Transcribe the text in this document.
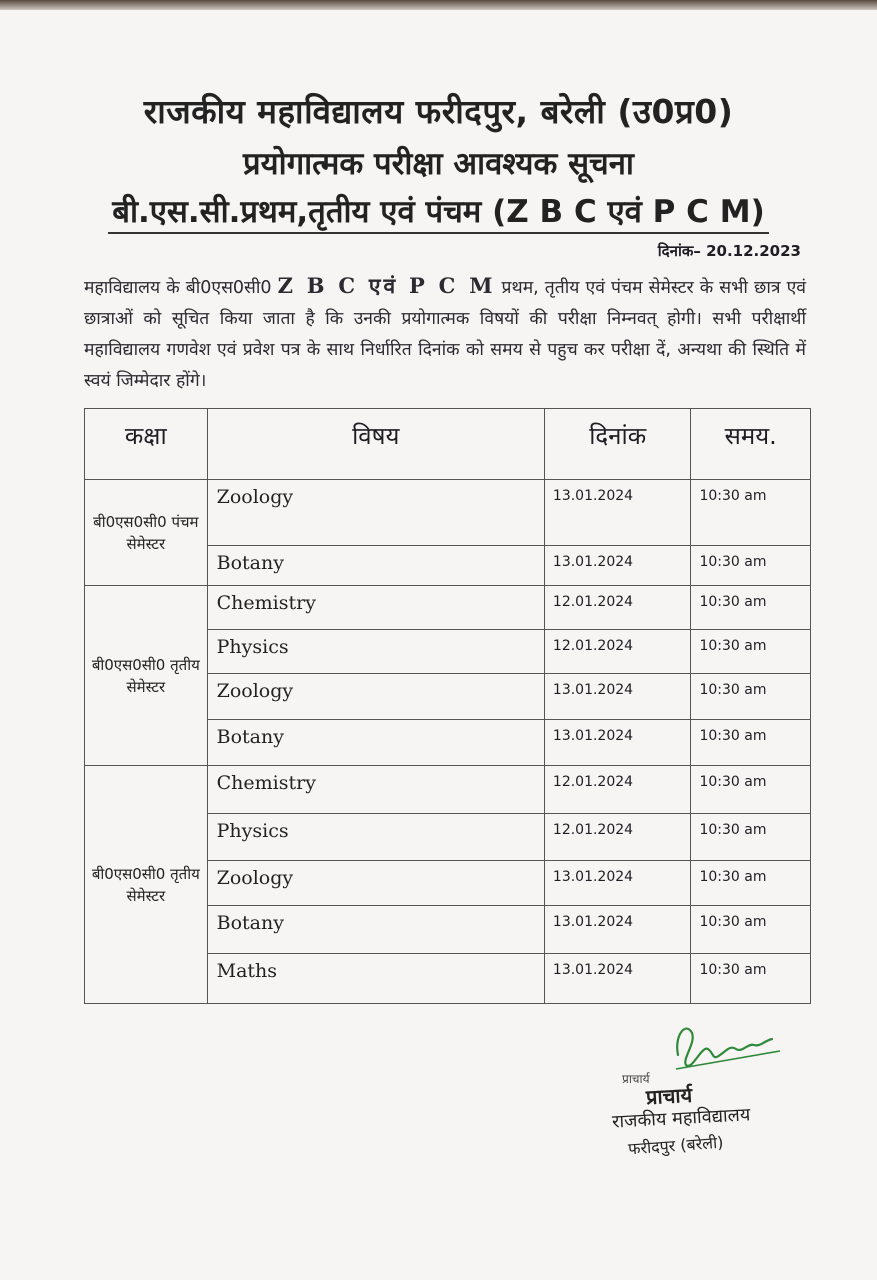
राजकीय महाविद्यालय फरीदपुर, बरेली (उ0प्र0)
प्रयोगात्मक परीक्षा आवश्यक सूचना
बी.एस.सी.प्रथम,तृतीय एवं पंचम (Z B C एवं P C M)
दिनांक– 20.12.2023
महाविद्यालय के बी0एस0सी0 Z B C एवं P C M प्रथम, तृतीय एवं पंचम सेमेस्टर के सभी छात्र एवं छात्राओं को सूचित किया जाता है कि उनकी प्रयोगात्मक विषयों की परीक्षा निम्नवत् होगी। सभी परीक्षार्थी महाविद्यालय गणवेश एवं प्रवेश पत्र के साथ निर्धारित दिनांक को समय से पहुच कर परीक्षा दें, अन्यथा की स्थिति में स्वयं जिम्मेदार होंगे।
कक्षा	विषय	दिनांक	समय.
बी0एस0सी0 पंचम सेमेस्टर	Zoology	13.01.2024	10:30 am
	Botany	13.01.2024	10:30 am
बी0एस0सी0 तृतीय सेमेस्टर	Chemistry	12.01.2024	10:30 am
	Physics	12.01.2024	10:30 am
	Zoology	13.01.2024	10:30 am
	Botany	13.01.2024	10:30 am
बी0एस0सी0 तृतीय सेमेस्टर	Chemistry	12.01.2024	10:30 am
	Physics	12.01.2024	10:30 am
	Zoology	13.01.2024	10:30 am
	Botany	13.01.2024	10:30 am
	Maths	13.01.2024	10:30 am
प्राचार्य
प्राचार्य
राजकीय महाविद्यालय
फरीदपुर (बरेली)
